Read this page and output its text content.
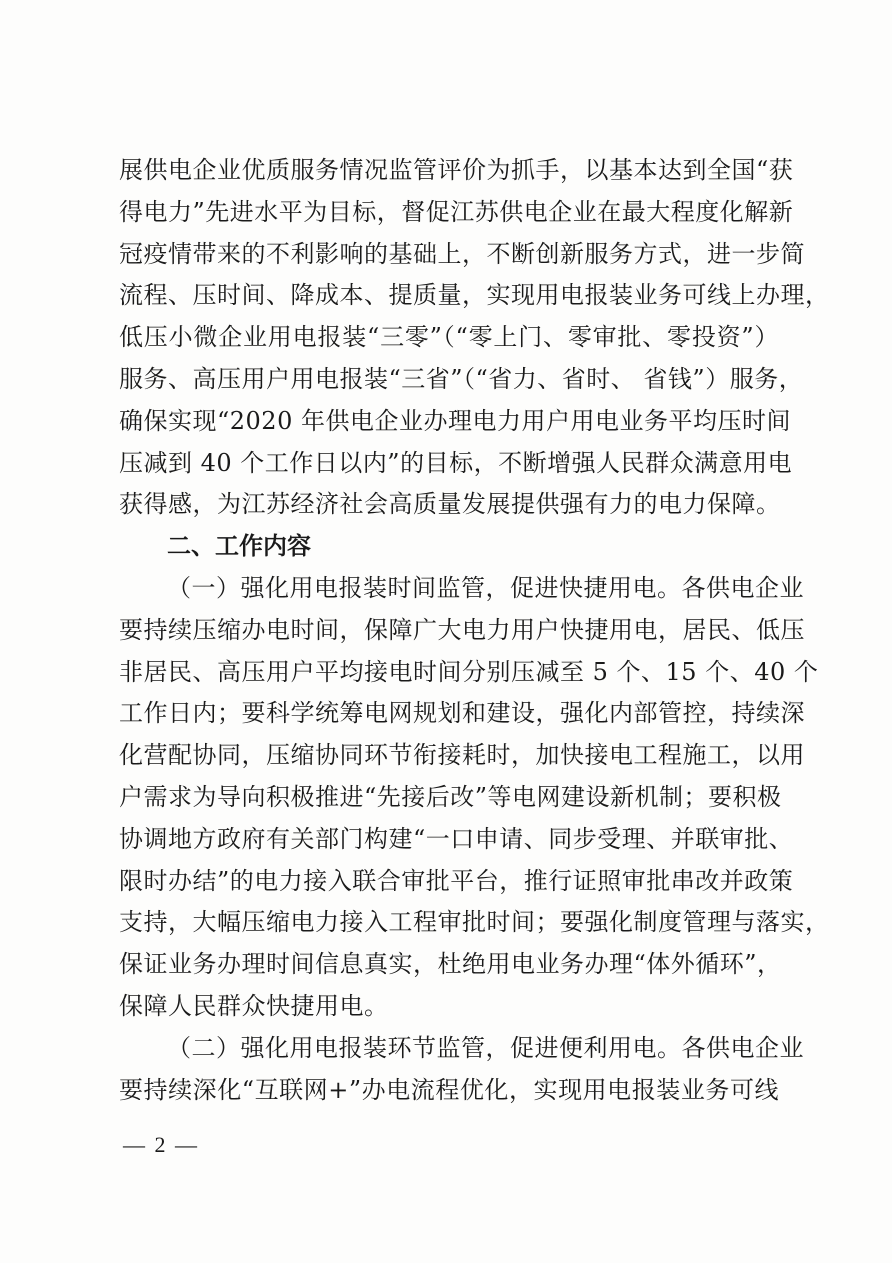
展供电企业优质服务情况监管评价为抓手，以基本达到全国“获
得电力”先进水平为目标，督促江苏供电企业在最大程度化解新
冠疫情带来的不利影响的基础上，不断创新服务方式，进一步简
流程、压时间、降成本、提质量，实现用电报装业务可线上办理，
低压小微企业用电报装“三零”（“零上门、零审批、零投资”）
服务、高压用户用电报装“三省”（“省力、省时、 省钱”）服务，
确保实现“2020 年供电企业办理电力用户用电业务平均压时间
压减到 40 个工作日以内”的目标，不断增强人民群众满意用电
获得感，为江苏经济社会高质量发展提供强有力的电力保障。
二、工作内容
（一）强化用电报装时间监管，促进快捷用电。各供电企业
要持续压缩办电时间，保障广大电力用户快捷用电，居民、低压
非居民、高压用户平均接电时间分别压减至 5 个、15 个、40 个
工作日内；要科学统筹电网规划和建设，强化内部管控，持续深
化营配协同，压缩协同环节衔接耗时，加快接电工程施工，以用
户需求为导向积极推进“先接后改”等电网建设新机制；要积极
协调地方政府有关部门构建“一口申请、同步受理、并联审批、
限时办结”的电力接入联合审批平台，推行证照审批串改并政策
支持，大幅压缩电力接入工程审批时间；要强化制度管理与落实，
保证业务办理时间信息真实，杜绝用电业务办理“体外循环”，
保障人民群众快捷用电。
（二）强化用电报装环节监管，促进便利用电。各供电企业
要持续深化“互联网+”办电流程优化，实现用电报装业务可线
— 2 —
